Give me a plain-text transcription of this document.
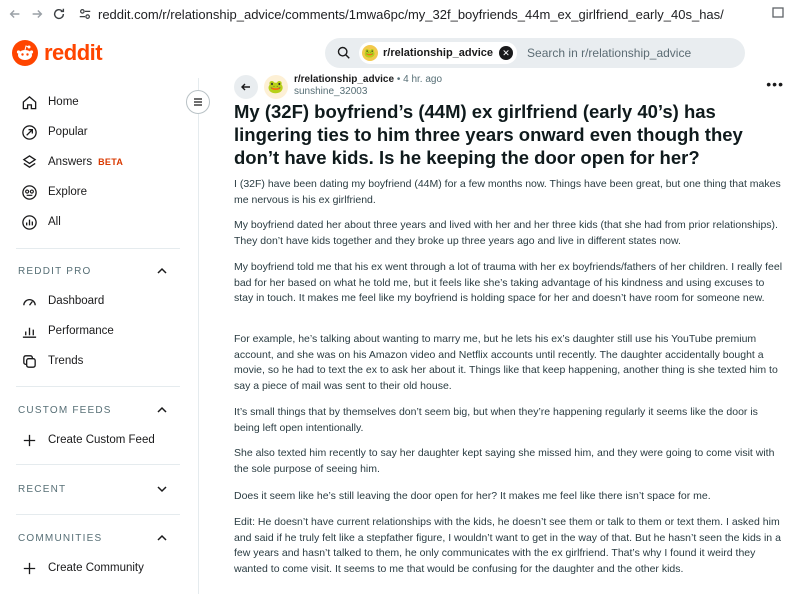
reddit.com/r/relationship_advice/comments/1mwa6pc/my_32f_boyfriends_44m_ex_girlfriend_early_40s_has/
reddit	🐸 r/relationship_advice	✕ Search in r/relationship_advice
Home
Popular
Answers BETA
Explore
All
REDDIT PRO
Dashboard
Performance
Trends
CUSTOM FEEDS
Create Custom Feed
RECENT
COMMUNITIES
Create Community
🐸 r/relationship_advice • 4 hr. ago
sunshine_32003	•••
My (32F) boyfriend’s (44M) ex girlfriend (early 40’s) has lingering ties to him three years onward even though they don’t have kids. Is he keeping the door open for her?

I (32F) have been dating my boyfriend (44M) for a few months now. Things have been great, but one thing that makes me nervous is his ex girlfriend.

My boyfriend dated her about three years and lived with her and her three kids (that she had from prior relationships). They don’t have kids together and they broke up three years ago and live in different states now.

My boyfriend told me that his ex went through a lot of trauma with her ex boyfriends/fathers of her children. I really feel bad for her based on what he told me, but it feels like she’s taking advantage of his kindness and using excuses to stay in touch. It makes me feel like my boyfriend is holding space for her and doesn’t have room for someone new.

For example, he’s talking about wanting to marry me, but he lets his ex’s daughter still use his YouTube premium account, and she was on his Amazon video and Netflix accounts until recently. The daughter accidentally bought a movie, so he had to text the ex to ask her about it. Things like that keep happening, another thing is she texted him to say a piece of mail was sent to their old house.

It’s small things that by themselves don’t seem big, but when they’re happening regularly it seems like the door is being left open intentionally.

She also texted him recently to say her daughter kept saying she missed him, and they were going to come visit with the sole purpose of seeing him.

Does it seem like he’s still leaving the door open for her? It makes me feel like there isn’t space for me.

Edit: He doesn’t have current relationships with the kids, he doesn’t see them or talk to them or text them. I asked him and said if he truly felt like a stepfather figure, I wouldn’t want to get in the way of that. But he hasn’t seen the kids in a few years and hasn’t talked to them, he only communicates with the ex girlfriend. That’s why I found it weird they wanted to come visit. It seems to me that would be confusing for the daughter and the other kids.
